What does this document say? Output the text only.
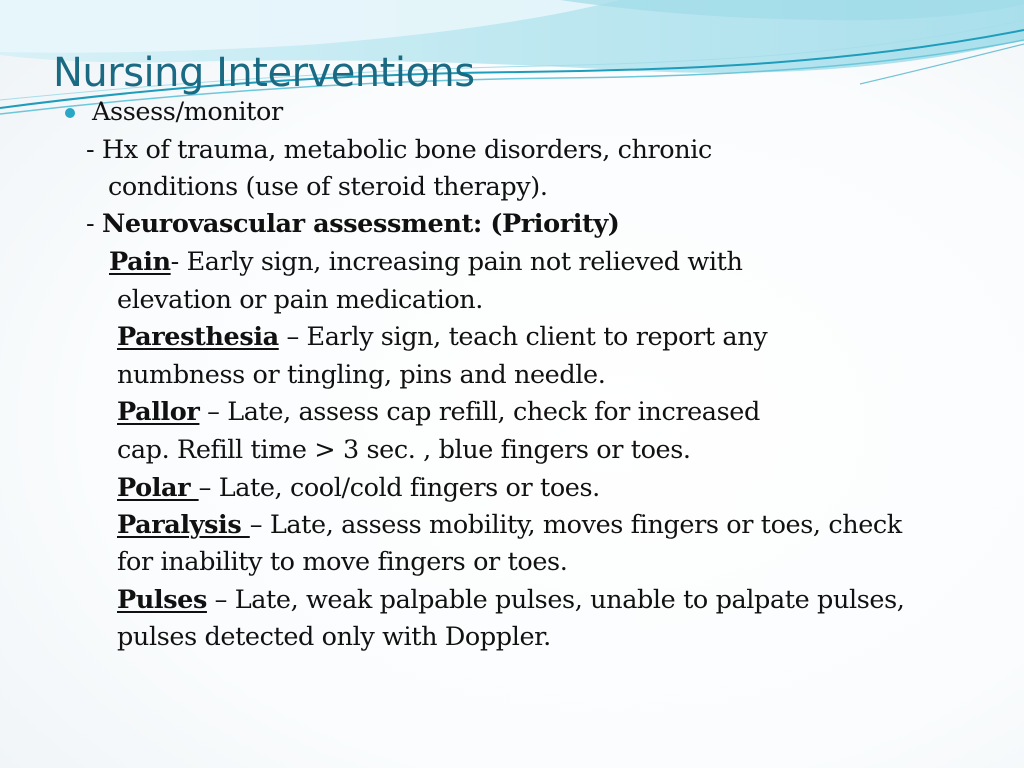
Nursing Interventions
Assess/monitor
- Hx of trauma, metabolic bone disorders, chronic
conditions (use of steroid therapy).
- Neurovascular assessment: (Priority)
Pain- Early sign, increasing pain not relieved with
elevation or pain medication.
Paresthesia – Early sign, teach client to report any
numbness or tingling, pins and needle.
Pallor – Late, assess cap refill, check for increased
cap. Refill time > 3 sec. , blue fingers or toes.
Polar – Late, cool/cold fingers or toes.
Paralysis – Late, assess mobility, moves fingers or toes, check
for inability to move fingers or toes.
Pulses – Late, weak palpable pulses, unable to palpate pulses,
pulses detected only with Doppler.
